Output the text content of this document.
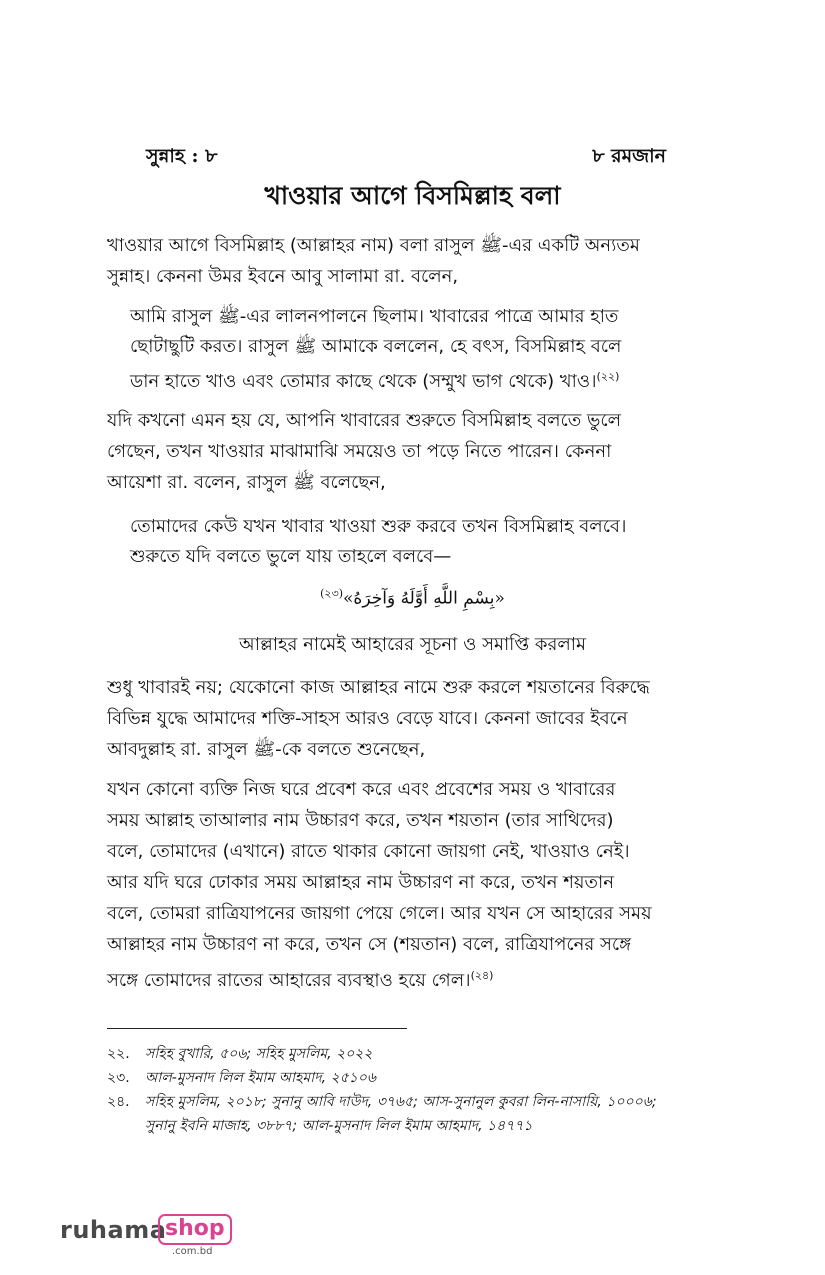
সুন্নাহ : ৮	৮ রমজান
খাওয়ার আগে বিসমিল্লাহ বলা
খাওয়ার আগে বিসমিল্লাহ (আল্লাহর নাম) বলা রাসুল ﷺ-এর একটি অন্যতম
সুন্নাহ। কেননা উমর ইবনে আবু সালামা রা. বলেন,
আমি রাসুল ﷺ-এর লালনপালনে ছিলাম। খাবারের পাত্রে আমার হাত
ছোটাছুটি করত। রাসুল ﷺ আমাকে বললেন, হে বৎস, বিসমিল্লাহ বলে
ডান হাতে খাও এবং তোমার কাছে থেকে (সম্মুখ ভাগ থেকে) খাও।$^{(২২)}$
যদি কখনো এমন হয় যে, আপনি খাবারের শুরুতে বিসমিল্লাহ বলতে ভুলে
গেছেন, তখন খাওয়ার মাঝামাঝি সময়েও তা পড়ে নিতে পারেন। কেননা
আয়েশা রা. বলেন, রাসুল ﷺ বলেছেন,
তোমাদের কেউ যখন খাবার খাওয়া শুরু করবে তখন বিসমিল্লাহ বলবে।
শুরুতে যদি বলতে ভুলে যায় তাহলে বলবে—
«بِسْمِ اللَّهِ أَوَّلَهُ وَآخِرَهُ»$^{(২৩)}$
আল্লাহর নামেই আহারের সূচনা ও সমাপ্তি করলাম
শুধু খাবারই নয়; যেকোনো কাজ আল্লাহর নামে শুরু করলে শয়তানের বিরুদ্ধে
বিভিন্ন যুদ্ধে আমাদের শক্তি-সাহস আরও বেড়ে যাবে। কেননা জাবের ইবনে
আবদুল্লাহ রা. রাসুল ﷺ-কে বলতে শুনেছেন,
যখন কোনো ব্যক্তি নিজ ঘরে প্রবেশ করে এবং প্রবেশের সময় ও খাবারের
সময় আল্লাহ তাআলার নাম উচ্চারণ করে, তখন শয়তান (তার সাথিদের)
বলে, তোমাদের (এখানে) রাতে থাকার কোনো জায়গা নেই, খাওয়াও নেই।
আর যদি ঘরে ঢোকার সময় আল্লাহর নাম উচ্চারণ না করে, তখন শয়তান
বলে, তোমরা রাত্রিযাপনের জায়গা পেয়ে গেলে। আর যখন সে আহারের সময়
আল্লাহর নাম উচ্চারণ না করে, তখন সে (শয়তান) বলে, রাত্রিযাপনের সঙ্গে
সঙ্গে তোমাদের রাতের আহারের ব্যবস্থাও হয়ে গেল।$^{(২৪)}$
২২. সহিহ বুখারি, ৫০৬; সহিহ মুসলিম, ২০২২
২৩. আল-মুসনাদ লিল ইমাম আহমাদ, ২৫১০৬
২৪. সহিহ মুসলিম, ২০১৮; সুনানু আবি দাউদ, ৩৭৬৫; আস-সুনানুল কুবরা লিন-নাসায়ি, ১০০০৬;
সুনানু ইবনি মাজাহ, ৩৮৮৭; আল-মুসনাদ লিল ইমাম আহমাদ, ১৪৭৭১
ruhama
shop
.com.bd
